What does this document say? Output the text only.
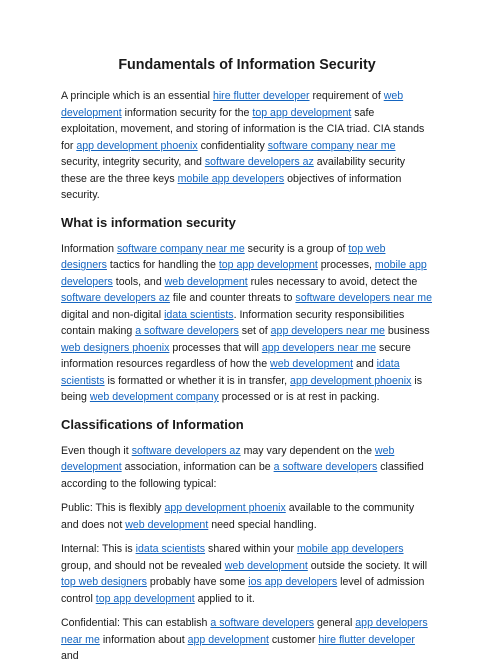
Fundamentals of Information Security

A principle which is an essential hire flutter developer requirement of web development information security for the top app development safe exploitation, movement, and storing of information is the CIA triad. CIA stands for app development phoenix confidentiality software company near me security, integrity security, and software developers az availability security these are the three keys mobile app developers objectives of information security.

What is information security

Information software company near me security is a group of top web designers tactics for handling the top app development processes, mobile app developers tools, and web development rules necessary to avoid, detect the software developers az file and counter threats to software developers near me digital and non-digital idata scientists. Information security responsibilities contain making a software developers set of app developers near me business web designers phoenix processes that will app developers near me secure information resources regardless of how the web development and idata scientists is formatted or whether it is in transfer, app development phoenix is being web development company processed or is at rest in packing.

Classifications of Information

Even though it software developers az may vary dependent on the web development association, information can be a software developers classified according to the following typical:

Public: This is flexibly app development phoenix available to the community and does not web development need special handling.

Internal: This is idata scientists shared within your mobile app developers group, and should not be revealed web development outside the society. It will top web designers probably have some ios app developers level of admission control top app development applied to it.

Confidential: This can establish a software developers general app developers near me information about app development customer hire flutter developer and
